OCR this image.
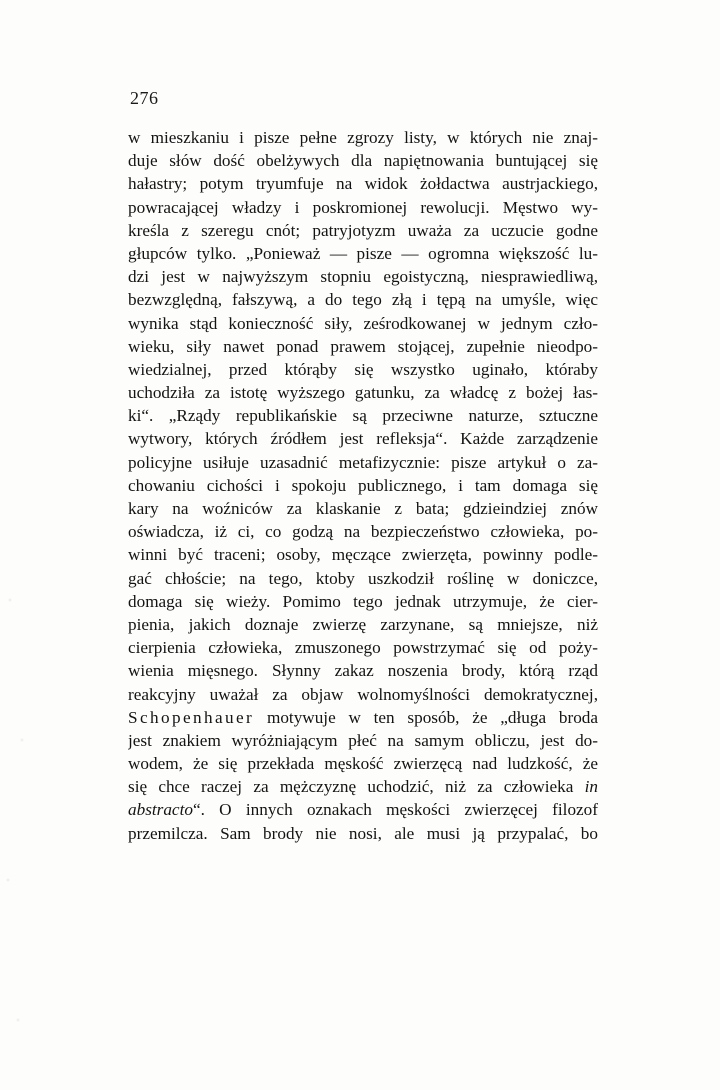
276
w mieszkaniu i pisze pełne zgrozy listy, w których nie znaj-
duje słów dość obelżywych dla napiętnowania buntującej się
hałastry; potym tryumfuje na widok żołdactwa austrjackiego,
powracającej władzy i poskromionej rewolucji. Męstwo wy-
kreśla z szeregu cnót; patryjotyzm uważa za uczucie godne
głupców tylko. „Ponieważ — pisze — ogromna większość lu-
dzi jest w najwyższym stopniu egoistyczną, niesprawiedliwą,
bezwzględną, fałszywą, a do tego złą i tępą na umyśle, więc
wynika stąd konieczność siły, ześrodkowanej w jednym czło-
wieku, siły nawet ponad prawem stojącej, zupełnie nieodpo-
wiedzialnej, przed którąby się wszystko uginało, któraby
uchodziła za istotę wyższego gatunku, za władcę z bożej łas-
ki“. „Rządy republikańskie są przeciwne naturze, sztuczne
wytwory, których źródłem jest refleksja“. Każde zarządzenie
policyjne usiłuje uzasadnić metafizycznie: pisze artykuł o za-
chowaniu cichości i spokoju publicznego, i tam domaga się
kary na woźniców za klaskanie z bata; gdzieindziej znów
oświadcza, iż ci, co godzą na bezpieczeństwo człowieka, po-
winni być traceni; osoby, męczące zwierzęta, powinny podle-
gać chłoście; na tego, ktoby uszkodził roślinę w doniczce,
domaga się wieży. Pomimo tego jednak utrzymuje, że cier-
pienia, jakich doznaje zwierzę zarzynane, są mniejsze, niż
cierpienia człowieka, zmuszonego powstrzymać się od poży-
wienia mięsnego. Słynny zakaz noszenia brody, którą rząd
reakcyjny uważał za objaw wolnomyślności demokratycznej,
Schopenhauer motywuje w ten sposób, że „długa broda
jest znakiem wyróżniającym płeć na samym obliczu, jest do-
wodem, że się przekłada męskość zwierzęcą nad ludzkość, że
się chce raczej za mężczyznę uchodzić, niż za człowieka in
abstracto“. O innych oznakach męskości zwierzęcej filozof
przemilcza. Sam brody nie nosi, ale musi ją przypalać, bo
